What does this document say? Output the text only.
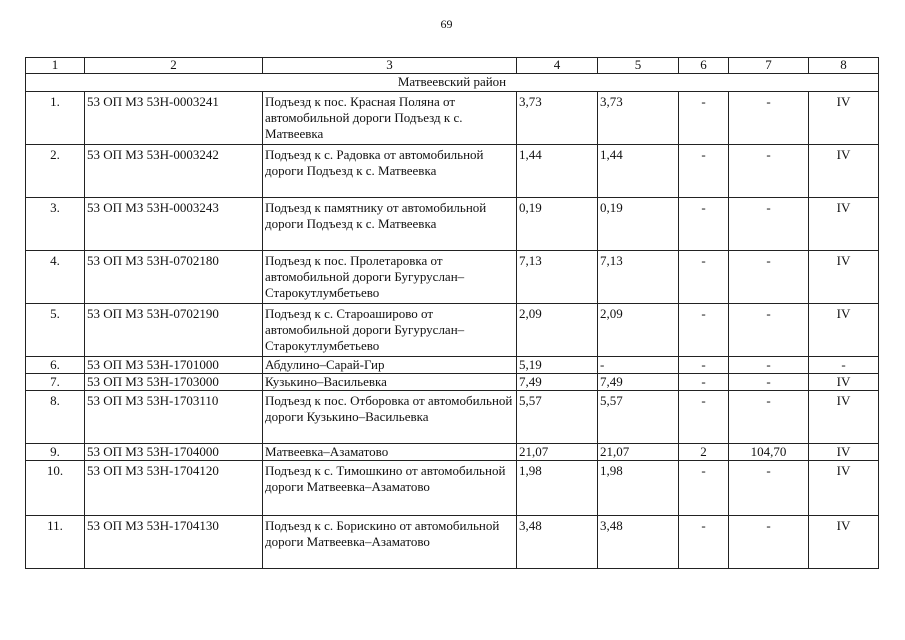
69
1	2	3	4	5	6	7	8
Матвеевский район							
1.	53 ОП МЗ 53Н-0003241	Подъезд к пос. Красная Поляна от автомобильной дороги Подъезд к с. Матвеевка	3,73	3,73	-	-	IV
2.	53 ОП МЗ 53Н-0003242	Подъезд к с. Радовка от автомобильной дороги Подъезд к с. Матвеевка	1,44	1,44	-	-	IV
3.	53 ОП МЗ 53Н-0003243	Подъезд к памятнику от автомобильной дороги Подъезд к с. Матвеевка	0,19	0,19	-	-	IV
4.	53 ОП МЗ 53Н-0702180	Подъезд к пос. Пролетаровка от автомобильной дороги Бугуруслан–Старокутлумбетьево	7,13	7,13	-	-	IV
5.	53 ОП МЗ 53Н-0702190	Подъезд к с. Староаширово от автомобильной дороги Бугуруслан–Старокутлумбетьево	2,09	2,09	-	-	IV
6.	53 ОП МЗ 53Н-1701000	Абдулино–Сарай-Гир	5,19	-	-	-	-
7.	53 ОП МЗ 53Н-1703000	Кузькино–Васильевка	7,49	7,49	-	-	IV
8.	53 ОП МЗ 53Н-1703110	Подъезд к пос. Отборовка от автомобильной дороги Кузькино–Васильевка	5,57	5,57	-	-	IV
9.	53 ОП МЗ 53Н-1704000	Матвеевка–Азаматово	21,07	21,07	2	104,70	IV
10.	53 ОП МЗ 53Н-1704120	Подъезд к с. Тимошкино от автомобильной дороги Матвеевка–Азаматово	1,98	1,98	-	-	IV
11.	53 ОП МЗ 53Н-1704130	Подъезд к с. Борискино от автомобильной дороги Матвеевка–Азаматово	3,48	3,48	-	-	IV
